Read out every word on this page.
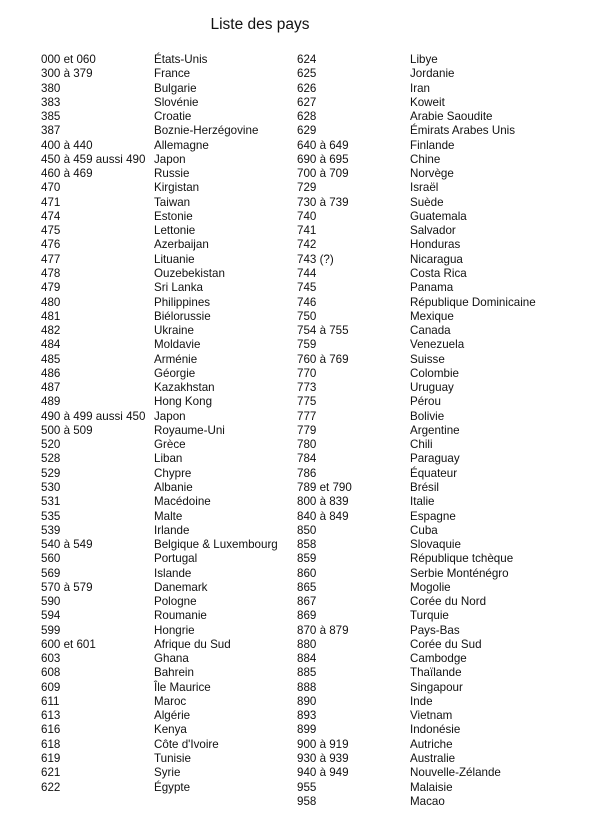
Liste des pays
000 et 060	États-Unis
300 à 379	France
380	Bulgarie
383	Slovénie
385	Croatie
387	Boznie-Herzégovine
400 à 440	Allemagne
450 à 459 aussi 490 Japon
460 à 469	Russie
470	Kirgistan
471	Taiwan
474	Estonie
475	Lettonie
476	Azerbaijan
477	Lituanie
478	Ouzebekistan
479	Sri Lanka
480	Philippines
481	Biélorussie
482	Ukraine
484	Moldavie
485	Arménie
486	Géorgie
487	Kazakhstan
489	Hong Kong
490 à 499 aussi 450 Japon
500 à 509	Royaume-Uni
520	Grèce
528	Liban
529	Chypre
530	Albanie
531	Macédoine
535	Malte
539	Irlande
540 à 549	Belgique & Luxembourg
560	Portugal
569	Islande
570 à 579	Danemark
590	Pologne
594	Roumanie
599	Hongrie
600 et 601	Afrique du Sud
603	Ghana
608	Bahrein
609	Île Maurice
611	Maroc
613	Algérie
616	Kenya
618	Côte d'Ivoire
619	Tunisie
621	Syrie
622	Égypte
624	Libye
625	Jordanie
626	Iran
627	Koweit
628	Arabie Saoudite
629	Émirats Arabes Unis
640 à 649	Finlande
690 à 695	Chine
700 à 709	Norvège
729	Israël
730 à 739	Suède
740	Guatemala
741	Salvador
742	Honduras
743 (?)	Nicaragua
744	Costa Rica
745	Panama
746	République Dominicaine
750	Mexique
754 à 755	Canada
759	Venezuela
760 à 769	Suisse
770	Colombie
773	Uruguay
775	Pérou
777	Bolivie
779	Argentine
780	Chili
784	Paraguay
786	Équateur
789 et 790	Brésil
800 à 839	Italie
840 à 849	Espagne
850	Cuba
858	Slovaquie
859	République tchèque
860	Serbie Monténégro
865	Mogolie
867	Corée du Nord
869	Turquie
870 à 879	Pays-Bas
880	Corée du Sud
884	Cambodge
885	Thaïlande
888	Singapour
890	Inde
893	Vietnam
899	Indonésie
900 à 919	Autriche
930 à 939	Australie
940 à 949	Nouvelle-Zélande
955	Malaisie
958	Macao
